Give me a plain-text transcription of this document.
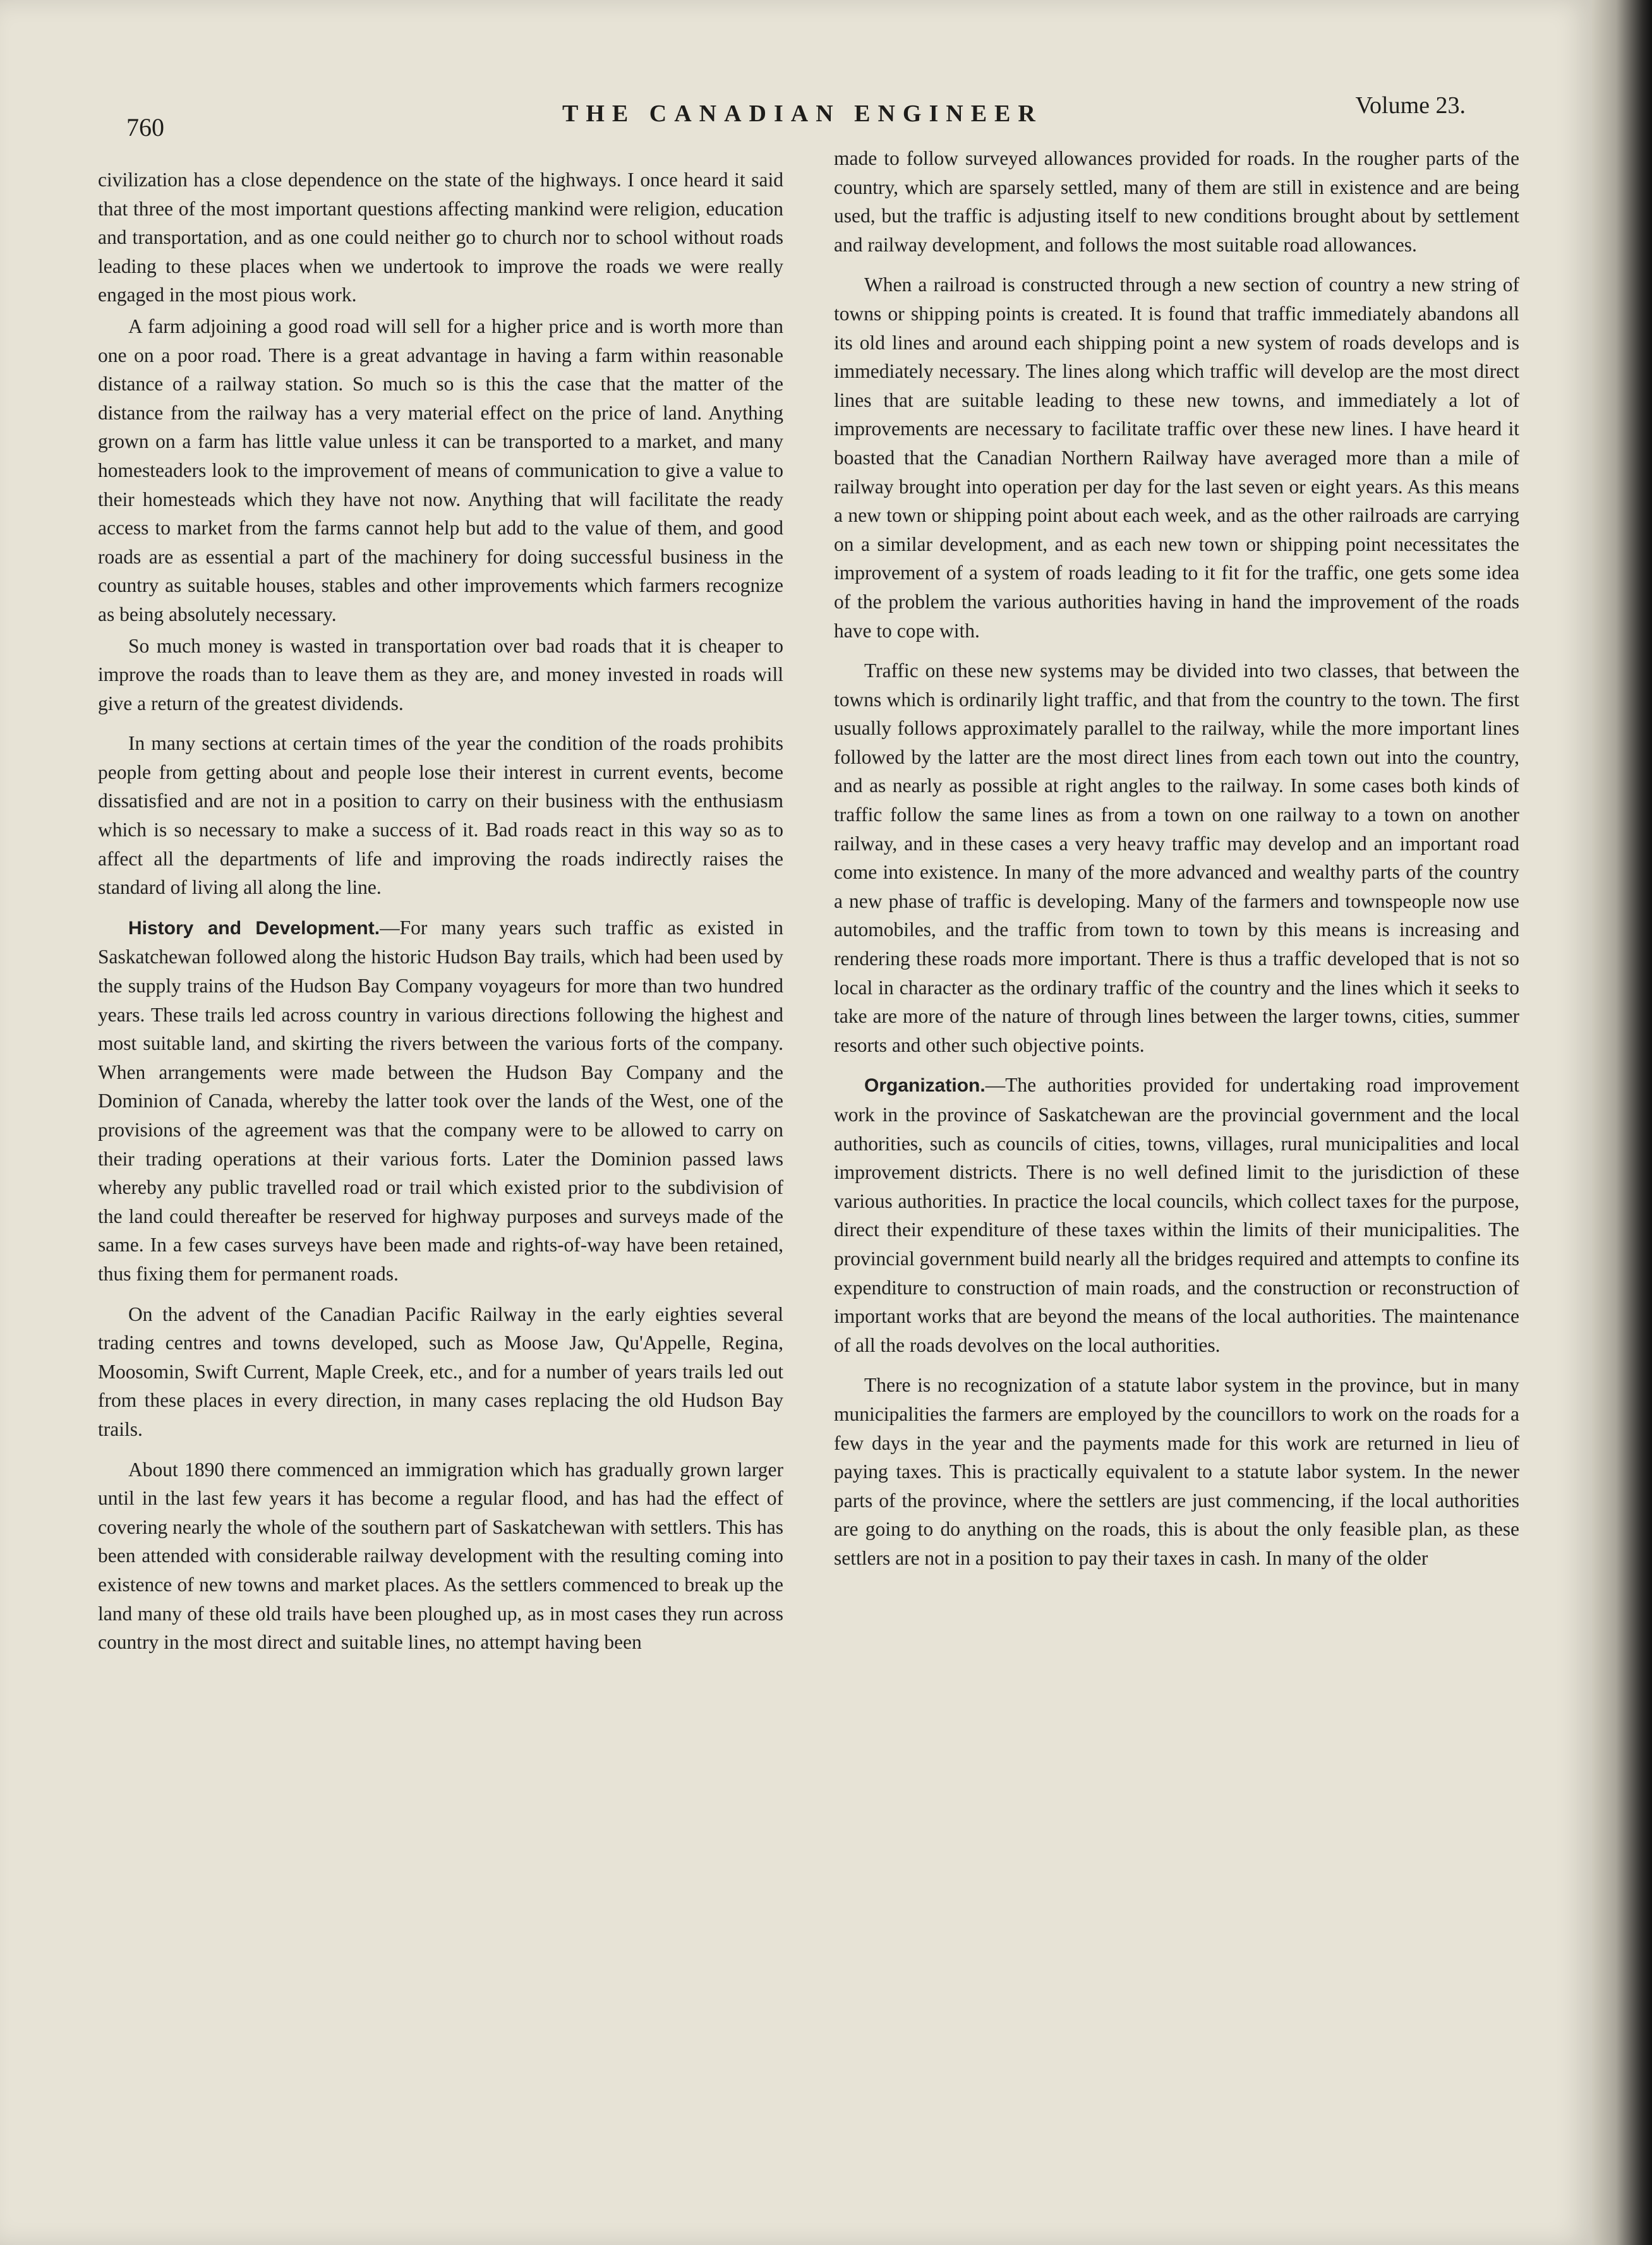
760	THE CANADIAN ENGINEER	Volume 23.

civilization has a close dependence on the state of the highways. I once heard it said that three of the most important questions affecting mankind were religion, education and transportation, and as one could neither go to church nor to school without roads leading to these places when we undertook to improve the roads we were really engaged in the most pious work.

A farm adjoining a good road will sell for a higher price and is worth more than one on a poor road. There is a great advantage in having a farm within reasonable distance of a railway station. So much so is this the case that the matter of the distance from the railway has a very material effect on the price of land. Anything grown on a farm has little value unless it can be transported to a market, and many homesteaders look to the improvement of means of communication to give a value to their homesteads which they have not now. Anything that will facilitate the ready access to market from the farms cannot help but add to the value of them, and good roads are as essential a part of the machinery for doing successful business in the country as suitable houses, stables and other improvements which farmers recognize as being absolutely necessary.

So much money is wasted in transportation over bad roads that it is cheaper to improve the roads than to leave them as they are, and money invested in roads will give a return of the greatest dividends.

In many sections at certain times of the year the condition of the roads prohibits people from getting about and people lose their interest in current events, become dissatisfied and are not in a position to carry on their business with the enthusiasm which is so necessary to make a success of it. Bad roads react in this way so as to affect all the departments of life and improving the roads indirectly raises the standard of living all along the line.

History and Development.—For many years such traffic as existed in Saskatchewan followed along the historic Hudson Bay trails, which had been used by the supply trains of the Hudson Bay Company voyageurs for more than two hundred years. These trails led across country in various directions following the highest and most suitable land, and skirting the rivers between the various forts of the company. When arrangements were made between the Hudson Bay Company and the Dominion of Canada, whereby the latter took over the lands of the West, one of the provisions of the agreement was that the company were to be allowed to carry on their trading operations at their various forts. Later the Dominion passed laws whereby any public travelled road or trail which existed prior to the subdivision of the land could thereafter be reserved for highway purposes and surveys made of the same. In a few cases surveys have been made and rights-of-way have been retained, thus fixing them for permanent roads.

On the advent of the Canadian Pacific Railway in the early eighties several trading centres and towns developed, such as Moose Jaw, Qu'Appelle, Regina, Moosomin, Swift Current, Maple Creek, etc., and for a number of years trails led out from these places in every direction, in many cases replacing the old Hudson Bay trails.

About 1890 there commenced an immigration which has gradually grown larger until in the last few years it has become a regular flood, and has had the effect of covering nearly the whole of the southern part of Saskatchewan with settlers. This has been attended with considerable railway development with the resulting coming into existence of new towns and market places. As the settlers commenced to break up the land many of these old trails have been ploughed up, as in most cases they run across country in the most direct and suitable lines, no attempt having been

made to follow surveyed allowances provided for roads. In the rougher parts of the country, which are sparsely settled, many of them are still in existence and are being used, but the traffic is adjusting itself to new conditions brought about by settlement and railway development, and follows the most suitable road allowances.

When a railroad is constructed through a new section of country a new string of towns or shipping points is created. It is found that traffic immediately abandons all its old lines and around each shipping point a new system of roads develops and is immediately necessary. The lines along which traffic will develop are the most direct lines that are suitable leading to these new towns, and immediately a lot of improvements are necessary to facilitate traffic over these new lines. I have heard it boasted that the Canadian Northern Railway have averaged more than a mile of railway brought into operation per day for the last seven or eight years. As this means a new town or shipping point about each week, and as the other railroads are carrying on a similar development, and as each new town or shipping point necessitates the improvement of a system of roads leading to it fit for the traffic, one gets some idea of the problem the various authorities having in hand the improvement of the roads have to cope with.

Traffic on these new systems may be divided into two classes, that between the towns which is ordinarily light traffic, and that from the country to the town. The first usually follows approximately parallel to the railway, while the more important lines followed by the latter are the most direct lines from each town out into the country, and as nearly as possible at right angles to the railway. In some cases both kinds of traffic follow the same lines as from a town on one railway to a town on another railway, and in these cases a very heavy traffic may develop and an important road come into existence. In many of the more advanced and wealthy parts of the country a new phase of traffic is developing. Many of the farmers and townspeople now use automobiles, and the traffic from town to town by this means is increasing and rendering these roads more important. There is thus a traffic developed that is not so local in character as the ordinary traffic of the country and the lines which it seeks to take are more of the nature of through lines between the larger towns, cities, summer resorts and other such objective points.

Organization.—The authorities provided for undertaking road improvement work in the province of Saskatchewan are the provincial government and the local authorities, such as councils of cities, towns, villages, rural municipalities and local improvement districts. There is no well defined limit to the jurisdiction of these various authorities. In practice the local councils, which collect taxes for the purpose, direct their expenditure of these taxes within the limits of their municipalities. The provincial government build nearly all the bridges required and attempts to confine its expenditure to construction of main roads, and the construction or reconstruction of important works that are beyond the means of the local authorities. The maintenance of all the roads devolves on the local authorities.

There is no recognization of a statute labor system in the province, but in many municipalities the farmers are employed by the councillors to work on the roads for a few days in the year and the payments made for this work are returned in lieu of paying taxes. This is practically equivalent to a statute labor system. In the newer parts of the province, where the settlers are just commencing, if the local authorities are going to do anything on the roads, this is about the only feasible plan, as these settlers are not in a position to pay their taxes in cash. In many of the older
